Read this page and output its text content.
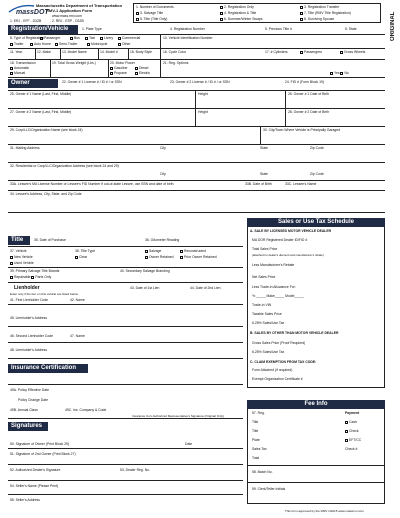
massDOT
Massachusetts Department of Transportation
RMV-1 Application Form
www.mass.rmv.com
1. ERJ - EFF - D3ZB	2. RRJ - ESP - D3ZB
1. Number of Documents
3. Salvage Title
5. Title (Title Only)
2. Registration Only
4. Registration & Title
6. Summer/Winter Swaps
3. Registration Transfer
7. Title (RMV Title Registration)
8. Surviving Spouse	ORIGINAL
Registration/Vehicle	1. Plate Type	4. Registration Number	5. Previous Title #	6. State
8. Type of Registration Passenger	Bus	Taxi	Livery	Commercial
Trailer	Auto Home	Semi-Trailer	Motorcycle	Other
10. Vehicle Identification Number
11. Year	12. Make	13. Model Name	14. Model #	15. Body Style	16. Cycle Color	17. # Cylinders	Passengers	Gross Wheels
18. Transmission
Automatic
Manual
19. Total Gross Weight (Lbs.)	20. Motor Power
Gasoline	Diesel
Propane	Electric
21. Reg. Options
Yes No
Owner	22. Owner # 1 License # / ID # / or SSN	23. Owner # 2 License # / ID # / or SSN	24. FID # (Form Block 19)
25. Owner # 1 Name (Last, First, Middle)	Height	26. Owner # 1 Date of Birth
27. Owner # 2 Name (Last, First, Middle)	Height	28. Owner # 2 Date of Birth
29. Corp/LLC/Organization Name (see block 24)	30. City/Town Where Vehicle is Principally Garaged
31. Mailing Address	City	State	Zip Code
32. Residential or Corp/LLC/Organization Address (see block 24 and 29)
City	State	Zip Code
33A. Lessee's MA License Number or Lessee's FID Number if out-of-state Lessee, use SSN and date of birth	33B. Date of Birth	33C. Lessee's Name
34. Lessee's Address, City, State, and Zip Code
Title	35. Date of Purchase	36. Odometer Reading
37. Vehicle
New Vehicle
Used Vehicle
38. Title Type
Clear
Salvage	Reconstructed
Owner Retained	Prior Owner Retained
39. Primary Salvage Title Brands
Repairable Parts Only
40. Secondary Salvage Branding
Lienholder
Enter only if the lien on this vehicle are listed below
41. First Lienholder Code	42. Name
43. Date of 1st Lien	44. Date of 2nd Lien
45. Lienholder's Address
46. Second Lienholder Code	47. Name
48. Lienholder's Address
Insurance Certification
49A. Policy Effective Date
Policy Change Date
49B. Annual Class	49C. Ins. Company & Code
Insurance Co's Authorized Representative's Signature (Original Only)
Signatures
50. Signature of Owner (Print Block 25)	Date
51. Signature of 2nd Owner (Print Block 27)
52. Authorized Dealer's Signature	53. Dealer Reg. No.
54. Seller's Name (Please Print)
55. Seller's Address
Sales or Use Tax Schedule
A. SALE BY LICENSED MOTOR VEHICLE DEALER
MA DOR Registered Dealer ID/FID #
Total Sales Price
(attached for dealer's discount and manufacturer's rebate)
Less Manufacturer's Rebate
Net Sales Price
Less Trade-in Allowance For:
Yr._____ Make_____ Model_____
Trade-in VIN
Taxable Sales Price
6.25% Sales/Use Tax
B. SALES BY OTHER THAN MOTOR VEHICLE DEALER
Gross Sales Price (Proof Required)
6.25% Sales/Use Tax
C. CLAIM EXEMPTION FROM TAX CODE:
Form Attached (if required)
Exempt Organization Certificate #
Fee Info
57. Reg.
Title
Title
Plate
Sales Tax
Total
Payment
Cash
Check
EFT/CC
Check #
58. Batch No.
59. Clerk/Teller Initials
This form approved by the RMV 1/2015 www.massrmv.com
